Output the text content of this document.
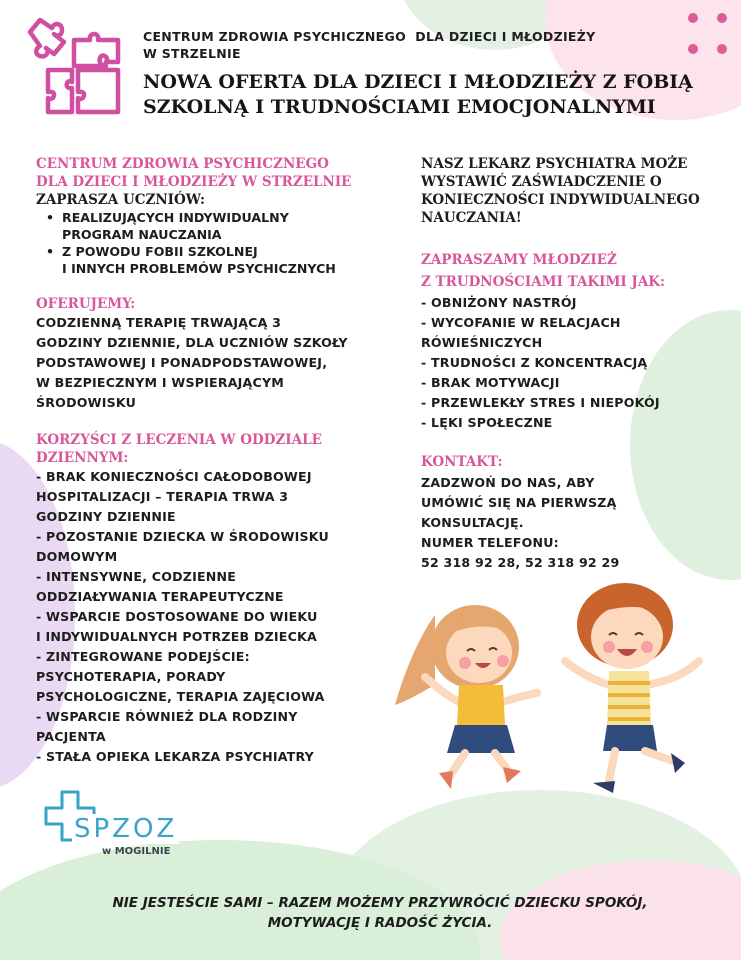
CENTRUM ZDROWIA PSYCHICZNEGO  DLA DZIECI I MŁODZIEŻY
W STRZELNIE
NOWA OFERTA DLA DZIECI I MŁODZIEŻY Z FOBIĄ
SZKOLNĄ I TRUDNOŚCIAMI EMOCJONALNYMI
CENTRUM ZDROWIA PSYCHICZNEGO
DLA DZIECI I MŁODZIEŻY W STRZELNIE
ZAPRASZA UCZNIÓW:
• REALIZUJĄCYCH INDYWIDUALNY
PROGRAM NAUCZANIA
• Z POWODU FOBII SZKOLNEJ
I INNYCH PROBLEMÓW PSYCHICZNYCH
OFERUJEMY:
CODZIENNĄ TERAPIĘ TRWAJĄCĄ 3
GODZINY DZIENNIE, DLA UCZNIÓW SZKOŁY
PODSTAWOWEJ I PONADPODSTAWOWEJ,
W BEZPIECZNYM I WSPIERAJĄCYM
ŚRODOWISKU
KORZYŚCI Z LECZENIA W ODDZIALE
DZIENNYM:
- BRAK KONIECZNOŚCI CAŁODOBOWEJ
HOSPITALIZACJI – TERAPIA TRWA 3
GODZINY DZIENNIE
- POZOSTANIE DZIECKA W ŚRODOWISKU
DOMOWYM
- INTENSYWNE, CODZIENNE
ODDZIAŁYWANIA TERAPEUTYCZNE
- WSPARCIE DOSTOSOWANE DO WIEKU
I INDYWIDUALNYCH POTRZEB DZIECKA
- ZINTEGROWANE PODEJŚCIE:
PSYCHOTERAPIA, PORADY
PSYCHOLOGICZNE, TERAPIA ZAJĘCIOWA
- WSPARCIE RÓWNIEŻ DLA RODZINY
PACJENTA
- STAŁA OPIEKA LEKARZA PSYCHIATRY
NASZ LEKARZ PSYCHIATRA MOŻE
WYSTAWIĆ ZAŚWIADCZENIE O
KONIECZNOŚCI INDYWIDUALNEGO
NAUCZANIA!
ZAPRASZAMY MŁODZIEŻ
Z TRUDNOŚCIAMI TAKIMI JAK:
- OBNIŻONY NASTRÓJ
- WYCOFANIE W RELACJACH
RÓWIEŚNICZYCH
- TRUDNOŚCI Z KONCENTRACJĄ
- BRAK MOTYWACJI
- PRZEWLEKŁY STRES I NIEPOKÓJ
- LĘKI SPOŁECZNE
KONTAKT:
ZADZWOŃ DO NAS, ABY
UMÓWIĆ SIĘ NA PIERWSZĄ
KONSULTACJĘ.
NUMER TELEFONU:
52 318 92 28, 52 318 92 29
SPZOZ
w MOGILNIE
NIE JESTEŚCIE SAMI – RAZEM MOŻEMY PRZYWRÓCIĆ DZIECKU SPOKÓJ,
MOTYWACJĘ I RADOŚĆ ŻYCIA.
